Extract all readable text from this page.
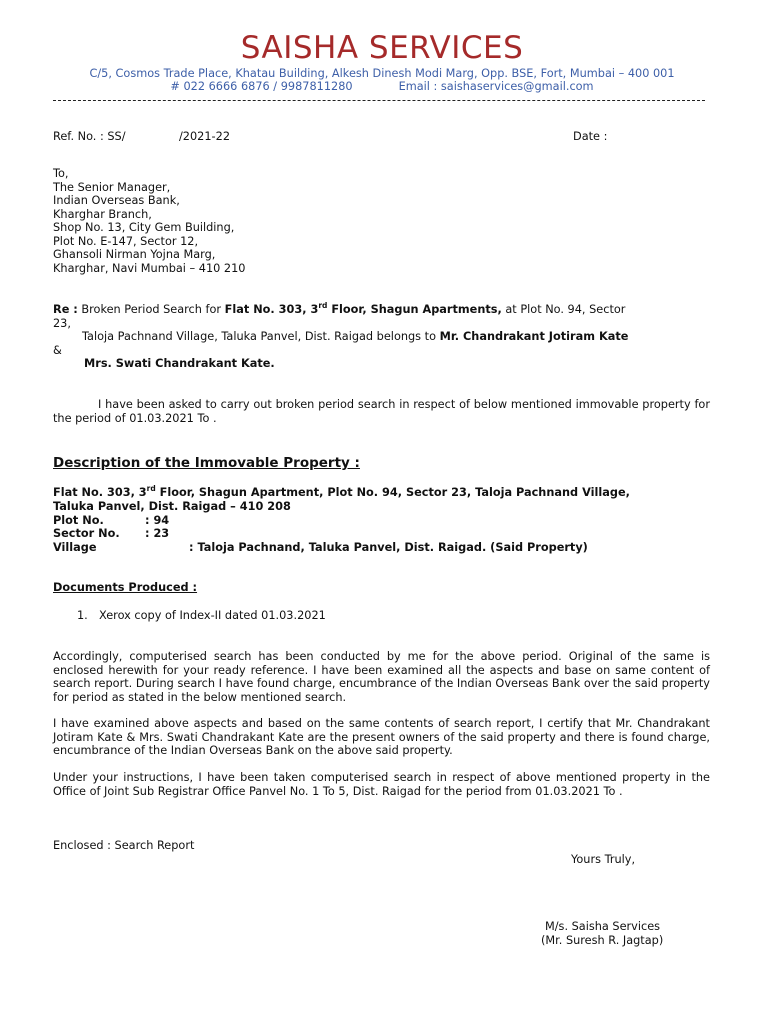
SAISHA SERVICES
C/5, Cosmos Trade Place, Khatau Building, Alkesh Dinesh Modi Marg, Opp. BSE, Fort, Mumbai – 400 001
# 022 6666 6876 / 9987811280	Email : saishaservices@gmail.com
Ref. No. : SS/	/2021-22	Date :
To,
The Senior Manager,
Indian Overseas Bank,
Kharghar Branch,
Shop No. 13, City Gem Building,
Plot No. E-147, Sector 12,
Ghansoli Nirman Yojna Marg,
Kharghar, Navi Mumbai – 410 210
Re : Broken Period Search for Flat No. 303, 3rd Floor, Shagun Apartments, at Plot No. 94, Sector
23,
Taloja Pachnand Village, Taluka Panvel, Dist. Raigad belongs to Mr. Chandrakant Jotiram Kate
&
Mrs. Swati Chandrakant Kate.
I have been asked to carry out broken period search in respect of below mentioned immovable property for the period of 01.03.2021 To .
Description of the Immovable Property :
Flat No. 303, 3rd Floor, Shagun Apartment, Plot No. 94, Sector 23, Taloja Pachnand Village,
Taluka Panvel, Dist. Raigad – 410 208
Plot No.	: 94
Sector No. : 23
Village	: Taloja Pachnand, Taluka Panvel, Dist. Raigad. (Said Property)
Documents Produced :
1. Xerox copy of Index-II dated 01.03.2021
Accordingly, computerised search has been conducted by me for the above period. Original of the same is enclosed herewith for your ready reference. I have been examined all the aspects and base on same content of search report. During search I have found charge, encumbrance of the Indian Overseas Bank over the said property for period as stated in the below mentioned search.
I have examined above aspects and based on the same contents of search report, I certify that Mr. Chandrakant Jotiram Kate & Mrs. Swati Chandrakant Kate are the present owners of the said property and there is found charge, encumbrance of the Indian Overseas Bank on the above said property.
Under your instructions, I have been taken computerised search in respect of above mentioned property in the Office of Joint Sub Registrar Office Panvel No. 1 To 5, Dist. Raigad for the period from 01.03.2021 To .
Enclosed : Search Report
Yours Truly,
M/s. Saisha Services
(Mr. Suresh R. Jagtap)
